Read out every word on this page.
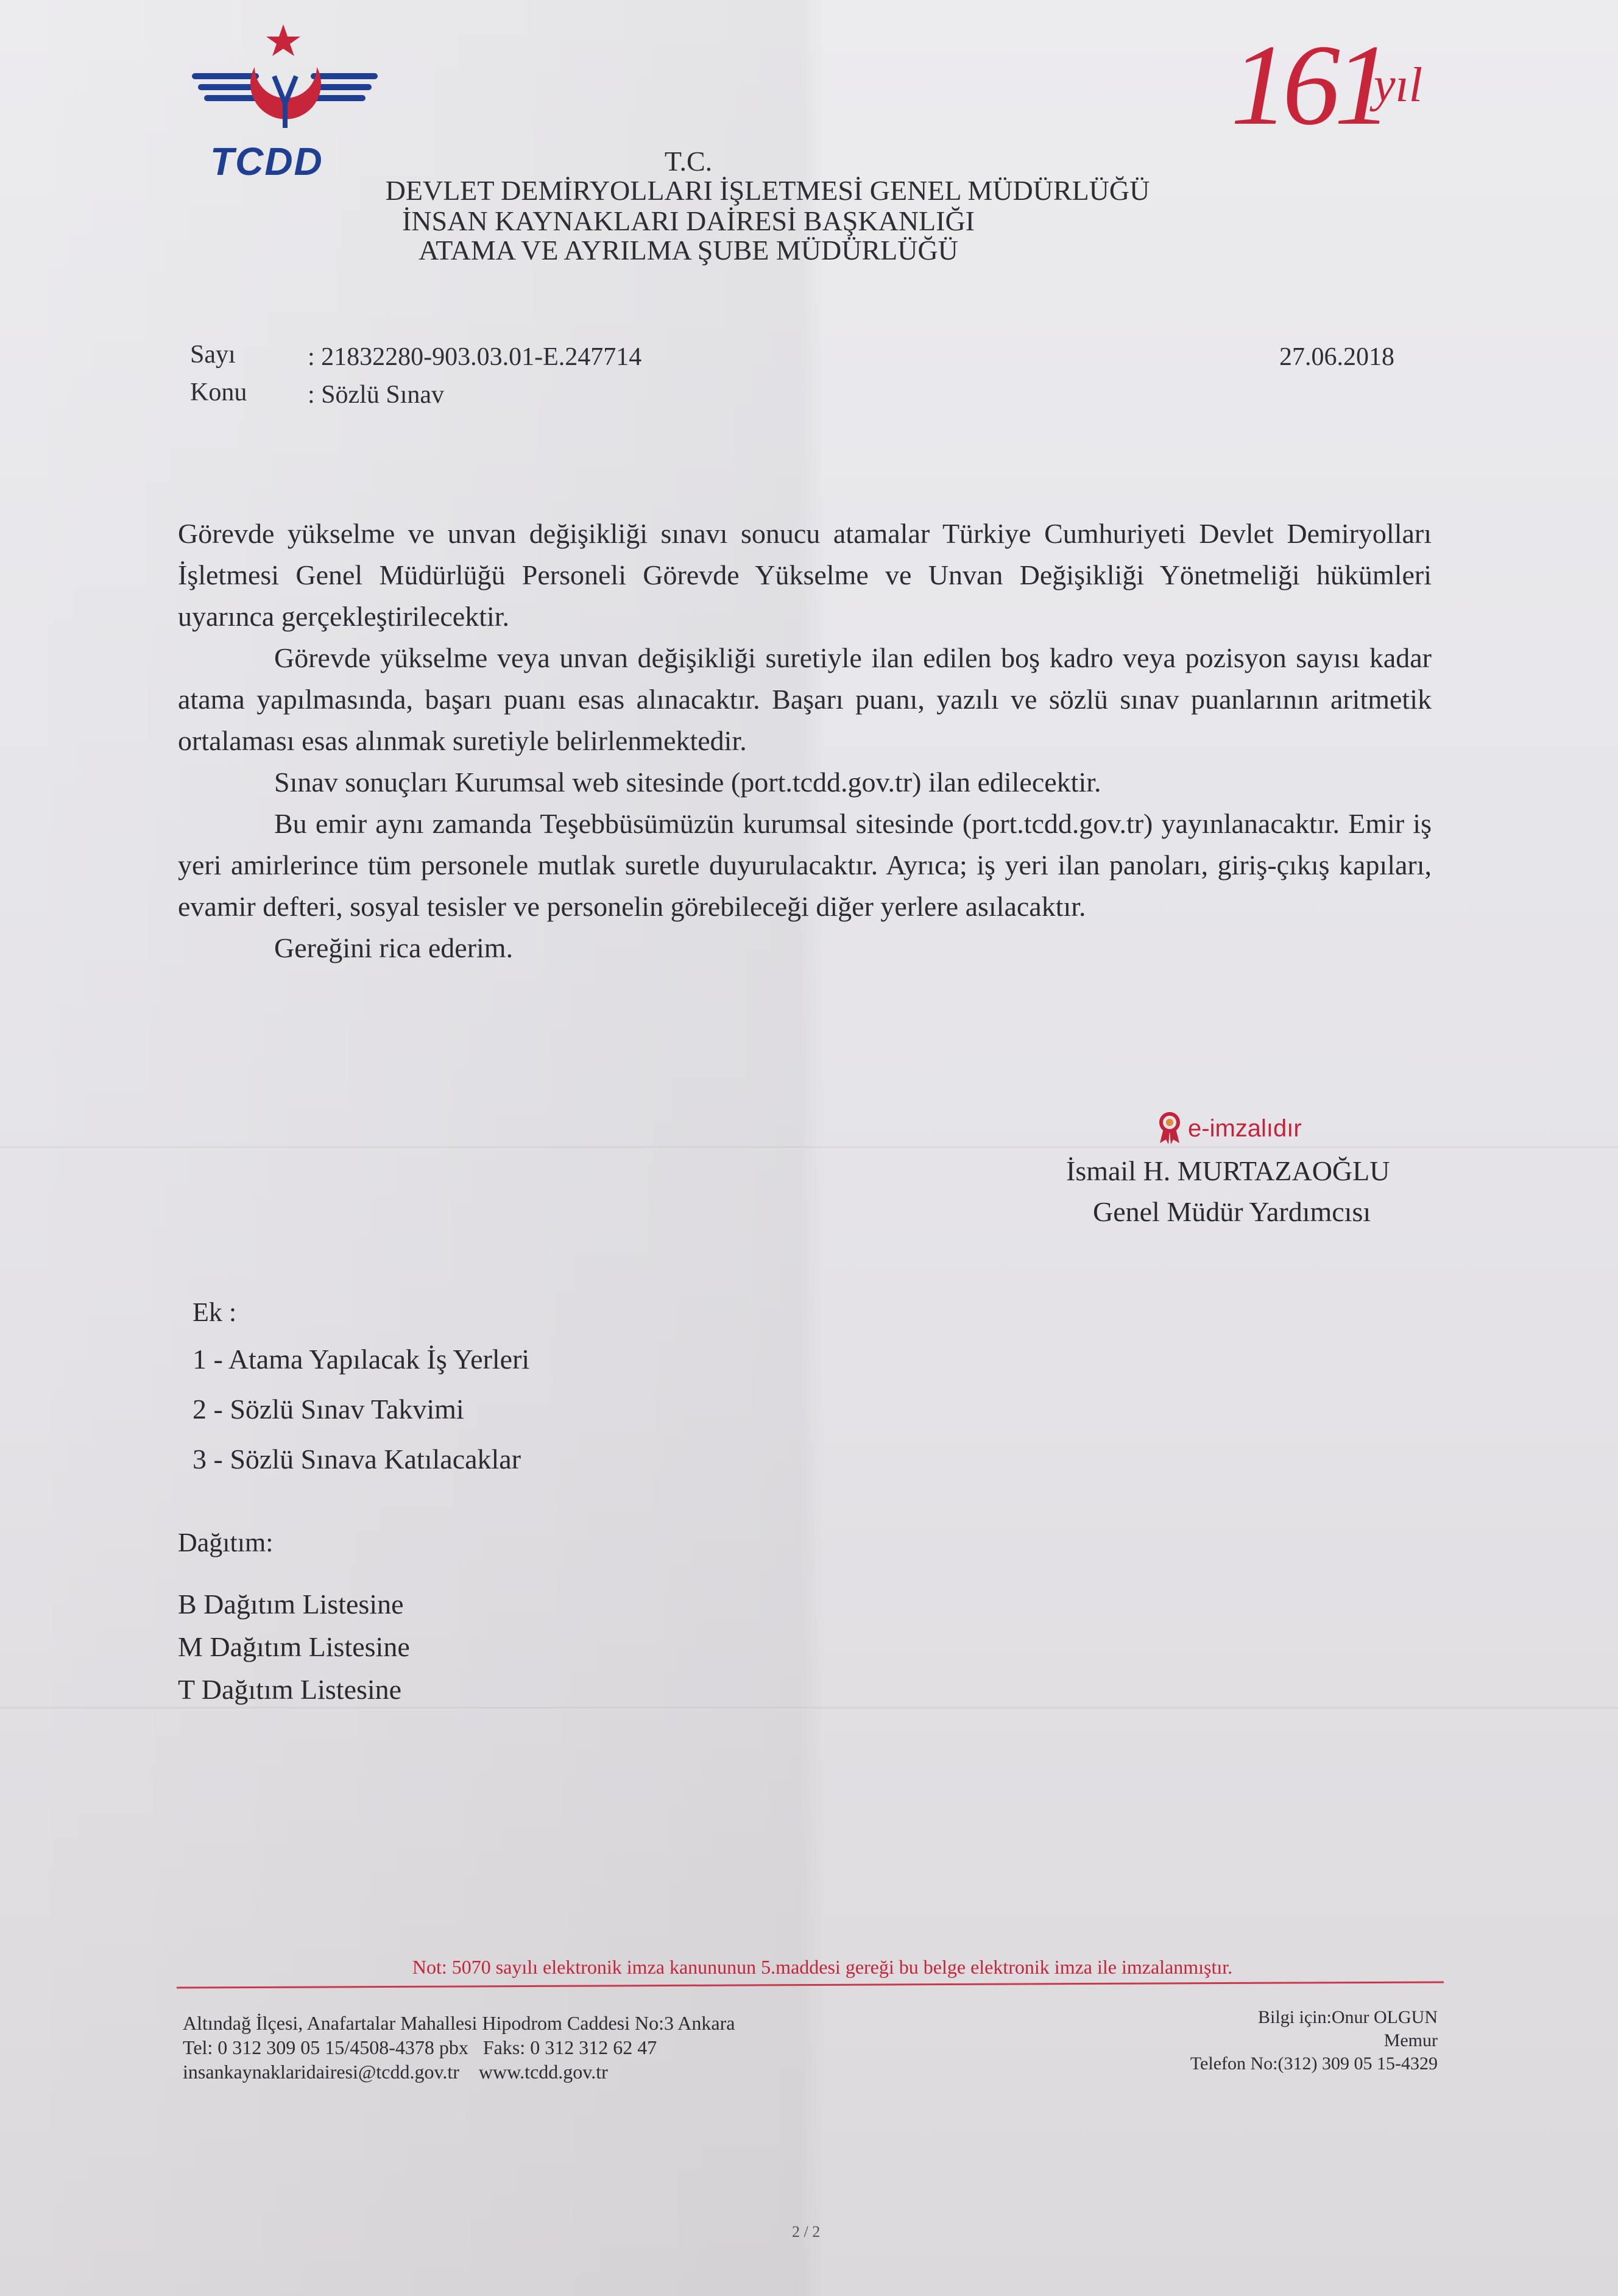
TCDD
161
yıl
T.C.
DEVLET DEMİRYOLLARI İŞLETMESİ GENEL MÜDÜRLÜĞÜ
İNSAN KAYNAKLARI DAİRESİ BAŞKANLIĞI
ATAMA VE AYRILMA ŞUBE MÜDÜRLÜĞÜ
Sayı	: 21832280-903.03.01-E.247714
Konu : Sözlü Sınav
27.06.2018

Görevde yükselme ve unvan değişikliği sınavı sonucu atamalar Türkiye Cumhuriyeti Devlet Demiryolları İşletmesi Genel Müdürlüğü Personeli Görevde Yükselme ve Unvan Değişikliği Yönetmeliği hükümleri uyarınca gerçekleştirilecektir.

Görevde yükselme veya unvan değişikliği suretiyle ilan edilen boş kadro veya pozisyon sayısı kadar atama yapılmasında, başarı puanı esas alınacaktır. Başarı puanı, yazılı ve sözlü sınav puanlarının aritmetik ortalaması esas alınmak suretiyle belirlenmektedir.

Sınav sonuçları Kurumsal web sitesinde (port.tcdd.gov.tr) ilan edilecektir.

Bu emir aynı zamanda Teşebbüsümüzün kurumsal sitesinde (port.tcdd.gov.tr) yayınlanacaktır. Emir iş yeri amirlerince tüm personele mutlak suretle duyurulacaktır. Ayrıca; iş yeri ilan panoları, giriş-çıkış kapıları, evamir defteri, sosyal tesisler ve personelin görebileceği diğer yerlere asılacaktır.

Gereğini rica ederim.

e-imzalıdır
İsmail H. MURTAZAOĞLU
Genel Müdür Yardımcısı
Ek :
1 - Atama Yapılacak İş Yerleri
2 - Sözlü Sınav Takvimi
3 - Sözlü Sınava Katılacaklar
Dağıtım:
B Dağıtım Listesine
M Dağıtım Listesine
T Dağıtım Listesine
Not: 5070 sayılı elektronik imza kanununun 5.maddesi gereği bu belge elektronik imza ile imzalanmıştır.
Altındağ İlçesi, Anafartalar Mahallesi Hipodrom Caddesi No:3 Ankara
Tel: 0 312 309 05 15/4508-4378 pbx Faks: 0 312 312 62 47
insankaynaklaridairesi@tcdd.gov.tr www.tcdd.gov.tr
Bilgi için:Onur OLGUN
Memur
Telefon No:(312) 309 05 15-4329
2 / 2
